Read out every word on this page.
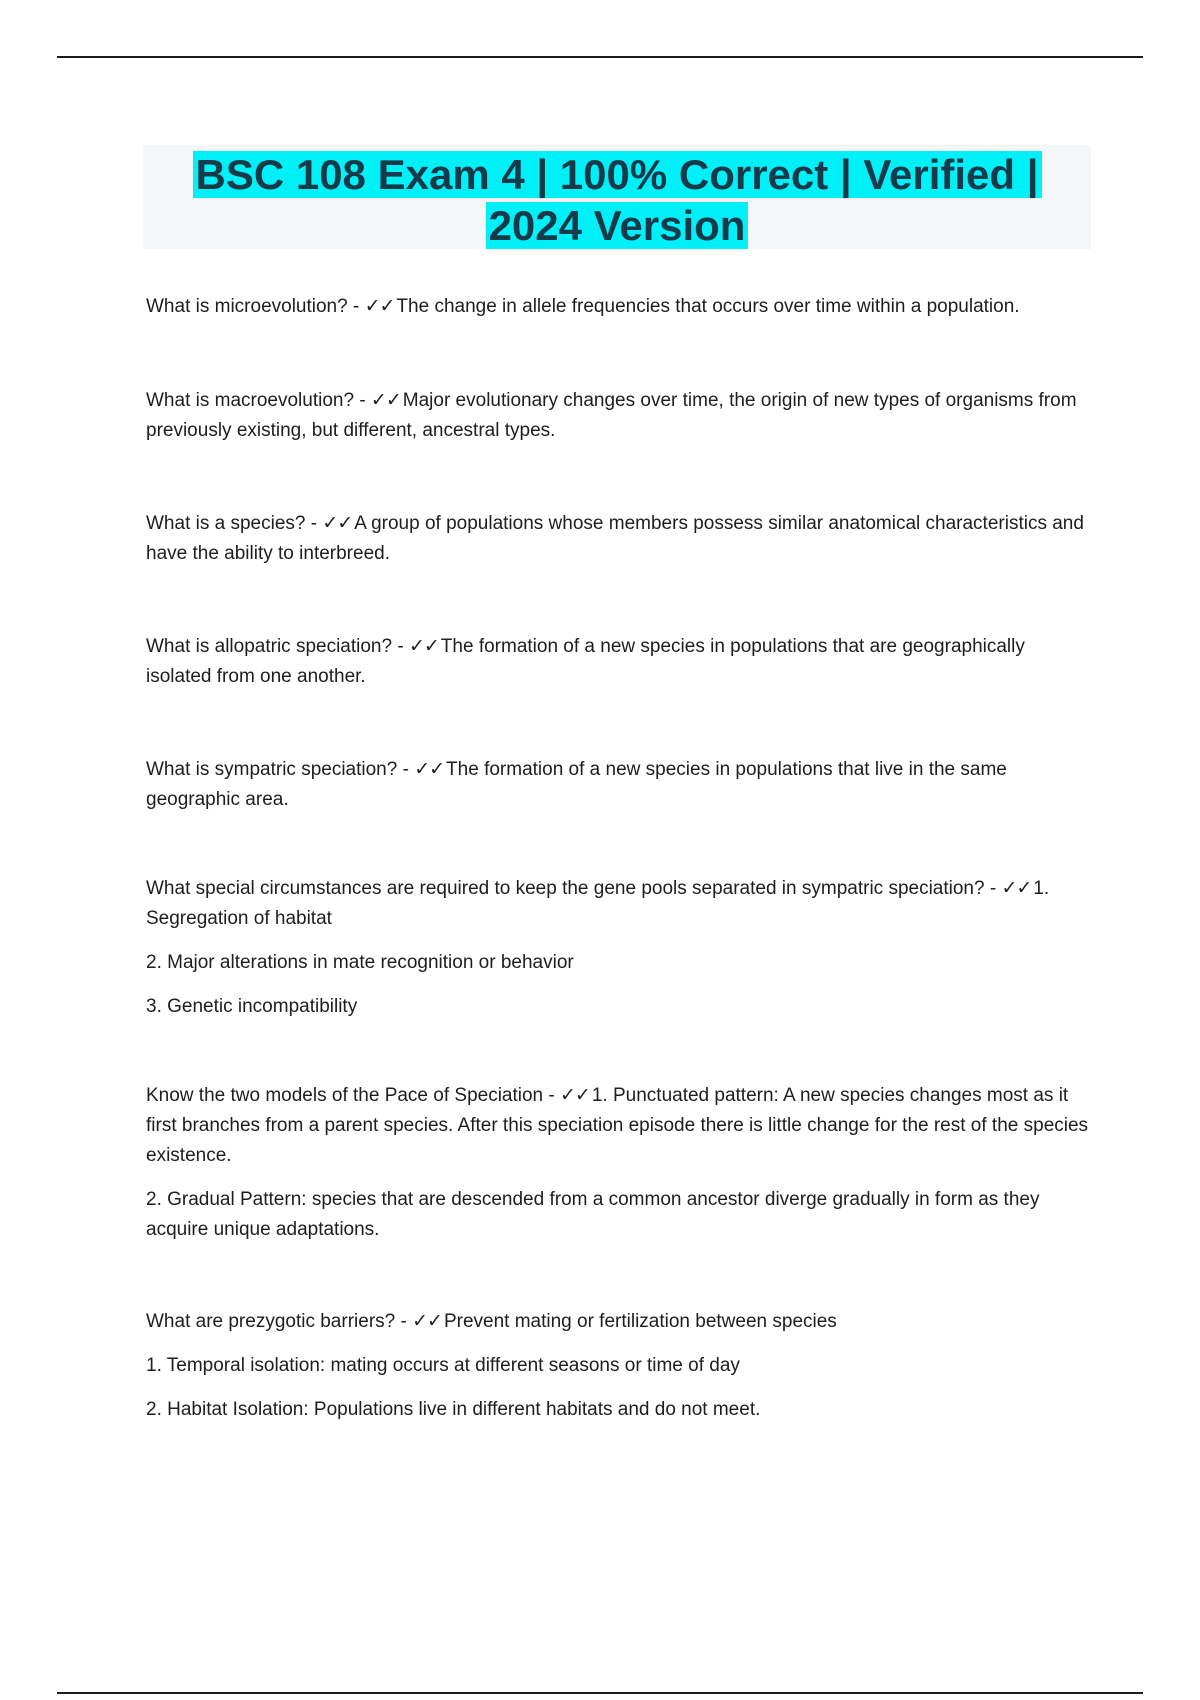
BSC 108 Exam 4 | 100% Correct | Verified |
2024 Version

What is microevolution? - ✓✓ The change in allele frequencies that occurs over time within a population.

What is macroevolution? - ✓✓ Major evolutionary changes over time, the origin of new types of organisms from previously existing, but different, ancestral types.

What is a species? - ✓✓ A group of populations whose members possess similar anatomical characteristics and have the ability to interbreed.

What is allopatric speciation? - ✓✓ The formation of a new species in populations that are geographically isolated from one another.

What is sympatric speciation? - ✓✓ The formation of a new species in populations that live in the same geographic area.

What special circumstances are required to keep the gene pools separated in sympatric speciation? - ✓✓ 1. Segregation of habitat

2. Major alterations in mate recognition or behavior

3. Genetic incompatibility

Know the two models of the Pace of Speciation - ✓✓ 1. Punctuated pattern: A new species changes most as it first branches from a parent species. After this speciation episode there is little change for the rest of the species existence.

2. Gradual Pattern: species that are descended from a common ancestor diverge gradually in form as they acquire unique adaptations.

What are prezygotic barriers? - ✓✓ Prevent mating or fertilization between species

1. Temporal isolation: mating occurs at different seasons or time of day

2. Habitat Isolation: Populations live in different habitats and do not meet.
